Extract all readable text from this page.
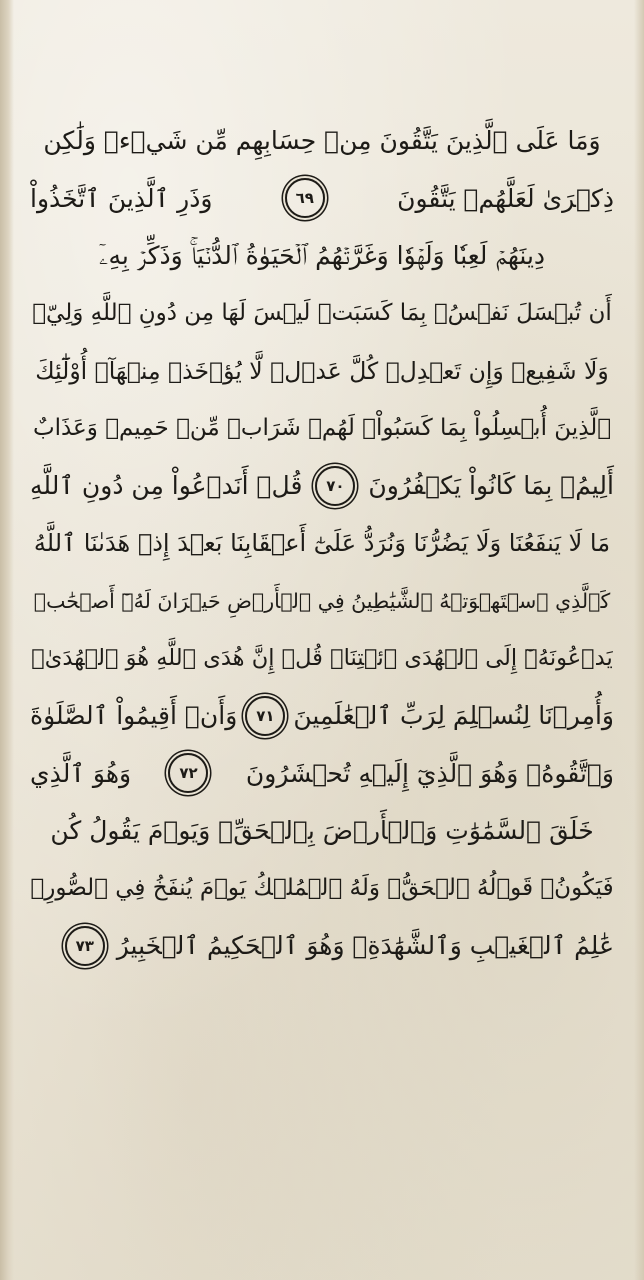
وَمَا عَلَى ٱلَّذِينَ يَتَّقُونَ مِنۡ حِسَابِهِم مِّن شَيۡءٖ وَلَٰكِن
ذِكۡرَىٰ لَعَلَّهُمۡ يَتَّقُونَ
٦٩
وَذَرِ ٱلَّذِينَ ٱتَّخَذُواْ
دِينَهُمۡ لَعِبٗا وَلَهۡوٗا وَغَرَّتۡهُمُ ٱلۡحَيَوٰةُ ٱلدُّنۡيَاۚ وَذَكِّرۡ بِهِۦٓ
أَن تُبۡسَلَ نَفۡسُۢ بِمَا كَسَبَتۡ لَيۡسَ لَهَا مِن دُونِ ٱللَّهِ وَلِيّٞ
وَلَا شَفِيعٞ وَإِن تَعۡدِلۡ كُلَّ عَدۡلٖ لَّا يُؤۡخَذۡ مِنۡهَآۗ أُوْلَٰٓئِكَ
ٱلَّذِينَ أُبۡسِلُواْ بِمَا كَسَبُواْۖ لَهُمۡ شَرَابٞ مِّنۡ حَمِيمٖ وَعَذَابٌ
أَلِيمُۢ بِمَا كَانُواْ يَكۡفُرُونَ
٧٠
قُلۡ أَنَدۡعُواْ مِن دُونِ ٱللَّهِ
مَا لَا يَنفَعُنَا وَلَا يَضُرُّنَا وَنُرَدُّ عَلَىٰٓ أَعۡقَابِنَا بَعۡدَ إِذۡ هَدَىٰنَا ٱللَّهُ
كَٱلَّذِي ٱسۡتَهۡوَتۡهُ ٱلشَّيَٰطِينُ فِي ٱلۡأَرۡضِ حَيۡرَانَ لَهُۥٓ أَصۡحَٰبٞ
يَدۡعُونَهُۥٓ إِلَى ٱلۡهُدَى ٱئۡتِنَاۗ قُلۡ إِنَّ هُدَى ٱللَّهِ هُوَ ٱلۡهُدَىٰۖ
وَأُمِرۡنَا لِنُسۡلِمَ لِرَبِّ ٱلۡعَٰلَمِينَ
٧١
وَأَنۡ أَقِيمُواْ ٱلصَّلَوٰةَ
وَٱتَّقُوهُۚ وَهُوَ ٱلَّذِيٓ إِلَيۡهِ تُحۡشَرُونَ
٧٢
وَهُوَ ٱلَّذِي
خَلَقَ ٱلسَّمَٰوَٰتِ وَٱلۡأَرۡضَ بِٱلۡحَقِّۖ وَيَوۡمَ يَقُولُ كُن
فَيَكُونُۚ قَوۡلُهُ ٱلۡحَقُّۚ وَلَهُ ٱلۡمُلۡكُ يَوۡمَ يُنفَخُ فِي ٱلصُّورِۚ
عَٰلِمُ ٱلۡغَيۡبِ وَٱلشَّهَٰدَةِۚ وَهُوَ ٱلۡحَكِيمُ ٱلۡخَبِيرُ
٧٣
